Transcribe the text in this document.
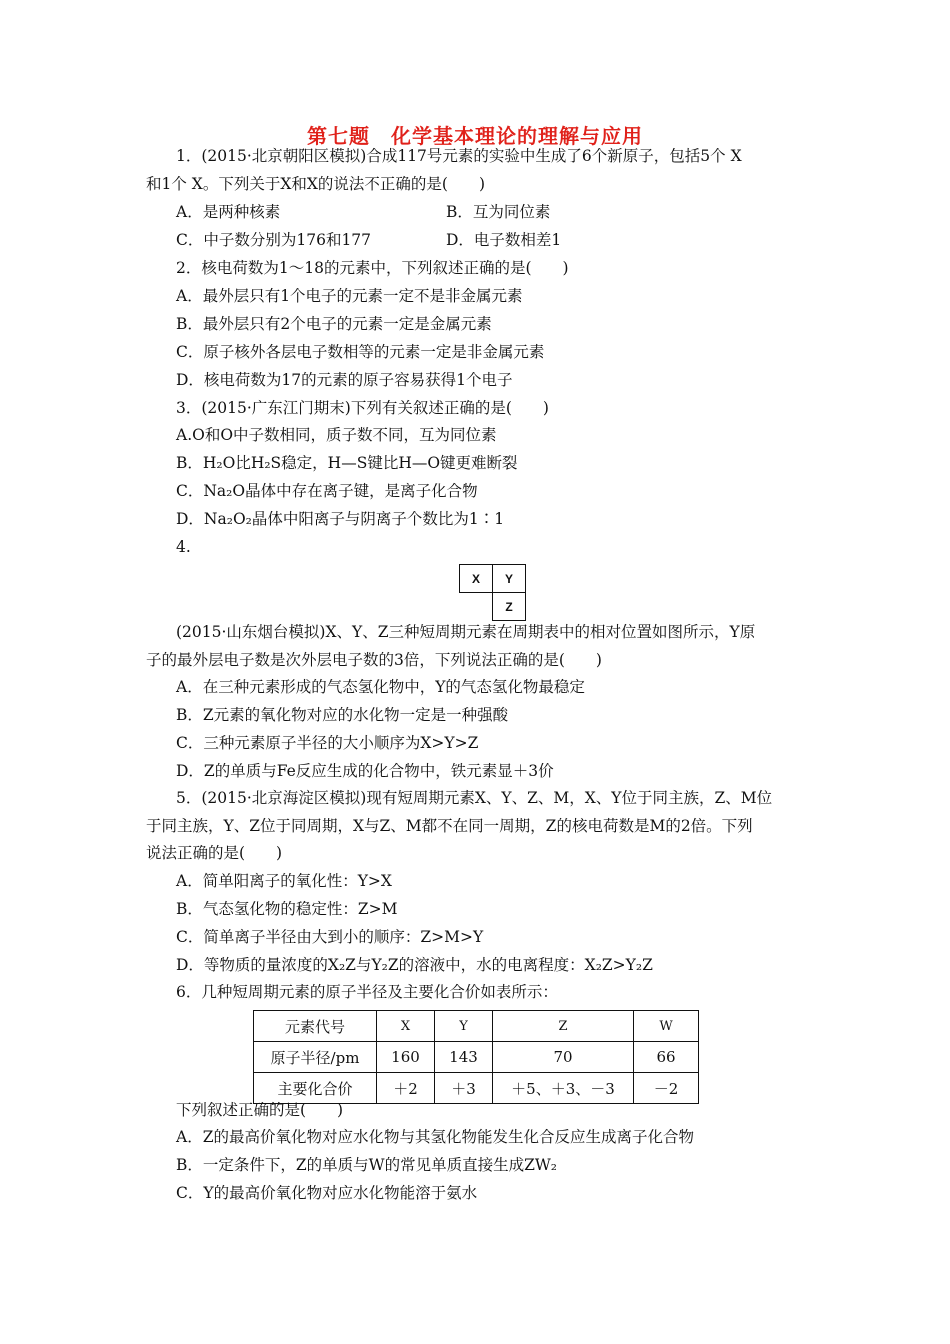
第七题　化学基本理论的理解与应用
1．(2015·北京朝阳区模拟)合成117号元素的实验中生成了6个新原子，包括5个 X
和1个 X。下列关于X和X的说法不正确的是(　　)
A．是两种核素	B．互为同位素
C．中子数分别为176和177	D．电子数相差1
2．核电荷数为1～18的元素中，下列叙述正确的是(　　)
A．最外层只有1个电子的元素一定不是非金属元素
B．最外层只有2个电子的元素一定是金属元素
C．原子核外各层电子数相等的元素一定是非金属元素
D．核电荷数为17的元素的原子容易获得1个电子
3．(2015·广东江门期末)下列有关叙述正确的是(　　)
A.O和O中子数相同，质子数不同，互为同位素
B．H₂O比H₂S稳定，H—S键比H—O键更难断裂
C．Na₂O晶体中存在离子键，是离子化合物
D．Na₂O₂晶体中阳离子与阴离子个数比为1∶1
4.
X	Y
	Z
(2015·山东烟台模拟)X、Y、Z三种短周期元素在周期表中的相对位置如图所示，Y原
子的最外层电子数是次外层电子数的3倍，下列说法正确的是(　　)
A．在三种元素形成的气态氢化物中，Y的气态氢化物最稳定
B．Z元素的氧化物对应的水化物一定是一种强酸
C．三种元素原子半径的大小顺序为X>Y>Z
D．Z的单质与Fe反应生成的化合物中，铁元素显＋3价
5．(2015·北京海淀区模拟)现有短周期元素X、Y、Z、M，X、Y位于同主族，Z、M位
于同主族，Y、Z位于同周期，X与Z、M都不在同一周期，Z的核电荷数是M的2倍。下列
说法正确的是(　　)
A．简单阳离子的氧化性：Y>X
B．气态氢化物的稳定性：Z>M
C．简单离子半径由大到小的顺序：Z>M>Y
D．等物质的量浓度的X₂Z与Y₂Z的溶液中，水的电离程度：X₂Z>Y₂Z
6．几种短周期元素的原子半径及主要化合价如表所示：
元素代号	X	Y	Z	W
原子半径/pm	160	143	70	66
主要化合价	＋2	＋3	＋5、＋3、－3	－2
下列叙述正确的是(　　)
A．Z的最高价氧化物对应水化物与其氢化物能发生化合反应生成离子化合物
B．一定条件下，Z的单质与W的常见单质直接生成ZW₂
C．Y的最高价氧化物对应水化物能溶于氨水
